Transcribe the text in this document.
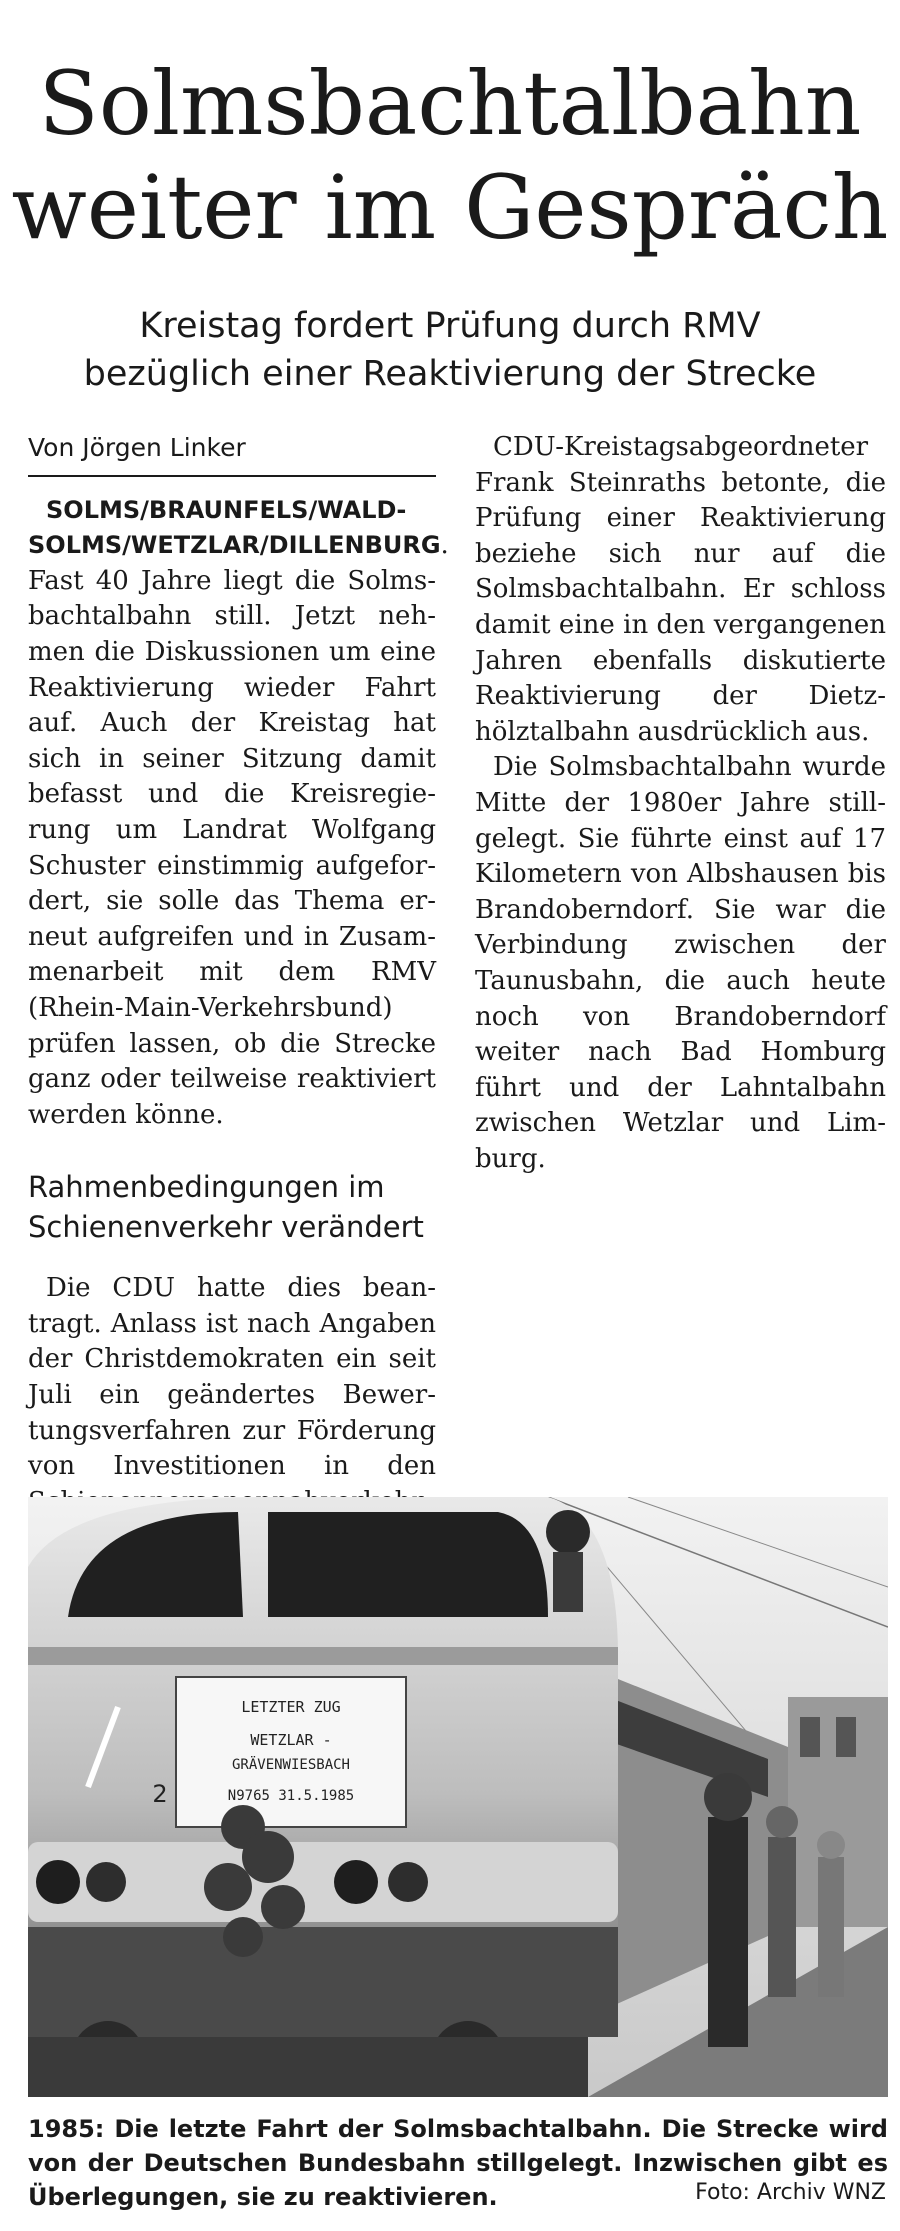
Solmsbachtalbahn
weiter im Gespräch
Kreistag fordert Prüfung durch RMV
bezüglich einer Reaktivierung der Strecke
Von Jörgen Linker

SOLMS/BRAUNFELS/WALDSOLMS/WETZLAR/DILLENBURG. Fast 40 Jahre liegt die Solmsbachtalbahn still. Jetzt nehmen die Diskussionen um eine Reaktivierung wieder Fahrt auf. Auch der Kreistag hat sich in seiner Sitzung damit befasst und die Kreisregierung um Landrat Wolfgang Schuster einstimmig aufgefordert, sie solle das Thema erneut aufgreifen und in Zusammenarbeit mit dem RMV (Rhein-Main-Verkehrsbund) prüfen lassen, ob die Strecke ganz oder teilweise reaktiviert werden könne.

Rahmenbedingungen im Schienenverkehr verändert

Die CDU hatte dies beantragt. Anlass ist nach Angaben der Christdemokraten ein seit Juli ein geändertes Bewertungsverfahren zur Förderung von Investitionen in den

CDU-Kreistagsabgeordneter Frank Steinraths betonte, die Prüfung einer Reaktivierung beziehe sich nur auf die Solmsbachtalbahn. Er schloss damit eine in den vergangenen Jahren ebenfalls diskutierte Reaktivierung der Dietzhölztalbahn ausdrücklich aus.

Die Solmsbachtalbahn wurde Mitte der 1980er Jahre stillgelegt. Sie führte einst auf 17 Kilometern von Albshausen bis Brandoberndorf. Sie war die Verbindung zwischen der Taunusbahn, die auch heute noch von Brandoberndorf weiter nach Bad Homburg führt und der Lahntalbahn zwischen Wetzlar und Limburg.

LETZTER ZUG
WETZLAR -
GRÄVENWIESBACH
N9765 31.5.1985
2
1985: Die letzte Fahrt der Solmsbachtalbahn. Die Strecke wird von der Deutschen Bundesbahn stillgelegt. Inzwischen gibt es Überlegungen, sie zu reaktivieren.	Foto: Archiv WNZ
